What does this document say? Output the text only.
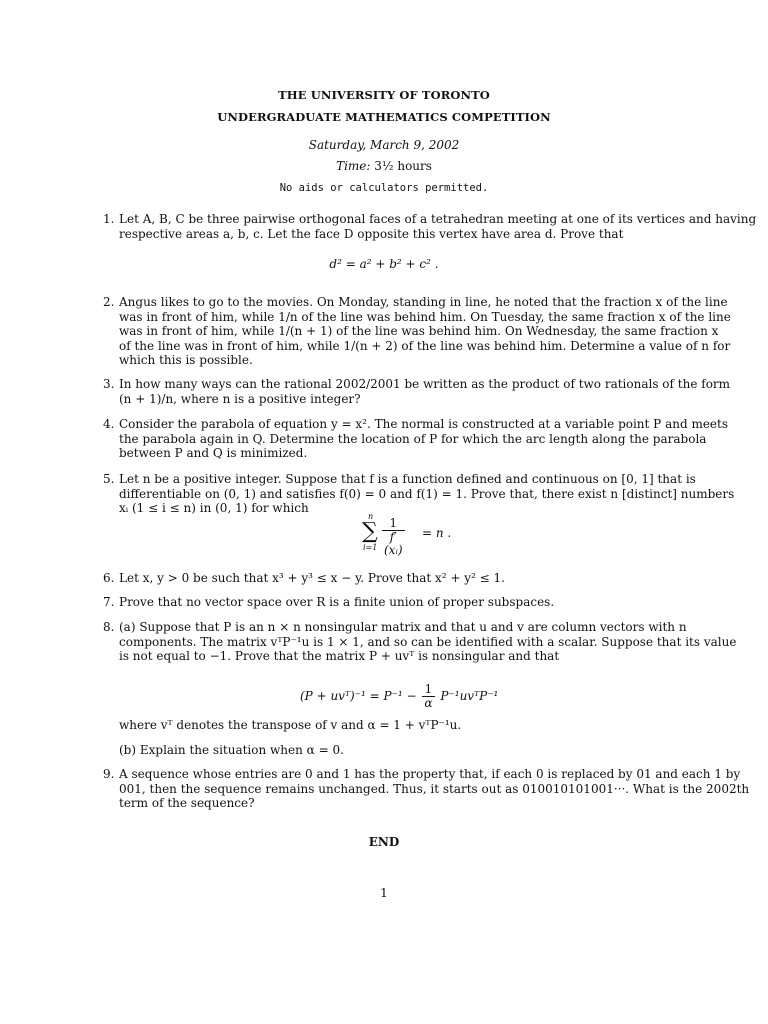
THE UNIVERSITY OF TORONTO
UNDERGRADUATE MATHEMATICS COMPETITION
Saturday, March 9, 2002
Time: 3½ hours
No aids or calculators permitted.
1. Let A, B, C be three pairwise orthogonal faces of a tetrahedran meeting at one of its vertices and having
respective areas a, b, c. Let the face D opposite this vertex have area d. Prove that
d² = a² + b² + c² .
2. Angus likes to go to the movies. On Monday, standing in line, he noted that the fraction x of the line
was in front of him, while 1/n of the line was behind him. On Tuesday, the same fraction x of the line
was in front of him, while 1/(n + 1) of the line was behind him. On Wednesday, the same fraction x
of the line was in front of him, while 1/(n + 2) of the line was behind him. Determine a value of n for
which this is possible.
3. In how many ways can the rational 2002/2001 be written as the product of two rationals of the form
(n + 1)/n, where n is a positive integer?
4. Consider the parabola of equation y = x². The normal is constructed at a variable point P and meets
the parabola again in Q. Determine the location of P for which the arc length along the parabola
between P and Q is minimized.
5. Let n be a positive integer. Suppose that f is a function defined and continuous on [0, 1] that is
differentiable on (0, 1) and satisfies f(0) = 0 and f(1) = 1. Prove that, there exist n [distinct] numbers
xᵢ (1 ≤ i ≤ n) in (0, 1) for which
n
∑
$i=1 \frac{1}{\text{f′(xᵢ)}} = n$ .
6. Let x, y > 0 be such that x³ + y³ ≤ x − y. Prove that x² + y² ≤ 1.
7. Prove that no vector space over R is a finite union of proper subspaces.
8. (a) Suppose that P is an n × n nonsingular matrix and that u and v are column vectors with n
components. The matrix vᵀP⁻¹u is 1 × 1, and so can be identified with a scalar. Suppose that its value
is not equal to −1. Prove that the matrix P + uvᵀ is nonsingular and that
(P + uvᵀ)⁻¹ = $P^{-1} - \frac{1}{\alpha}$ P⁻¹uvᵀP⁻¹
where vᵀ denotes the transpose of v and α = 1 + vᵀP⁻¹u.
(b) Explain the situation when α = 0.
9. A sequence whose entries are 0 and 1 has the property that, if each 0 is replaced by 01 and each 1 by
001, then the sequence remains unchanged. Thus, it starts out as 010010101001···. What is the 2002th
term of the sequence?
END
1
